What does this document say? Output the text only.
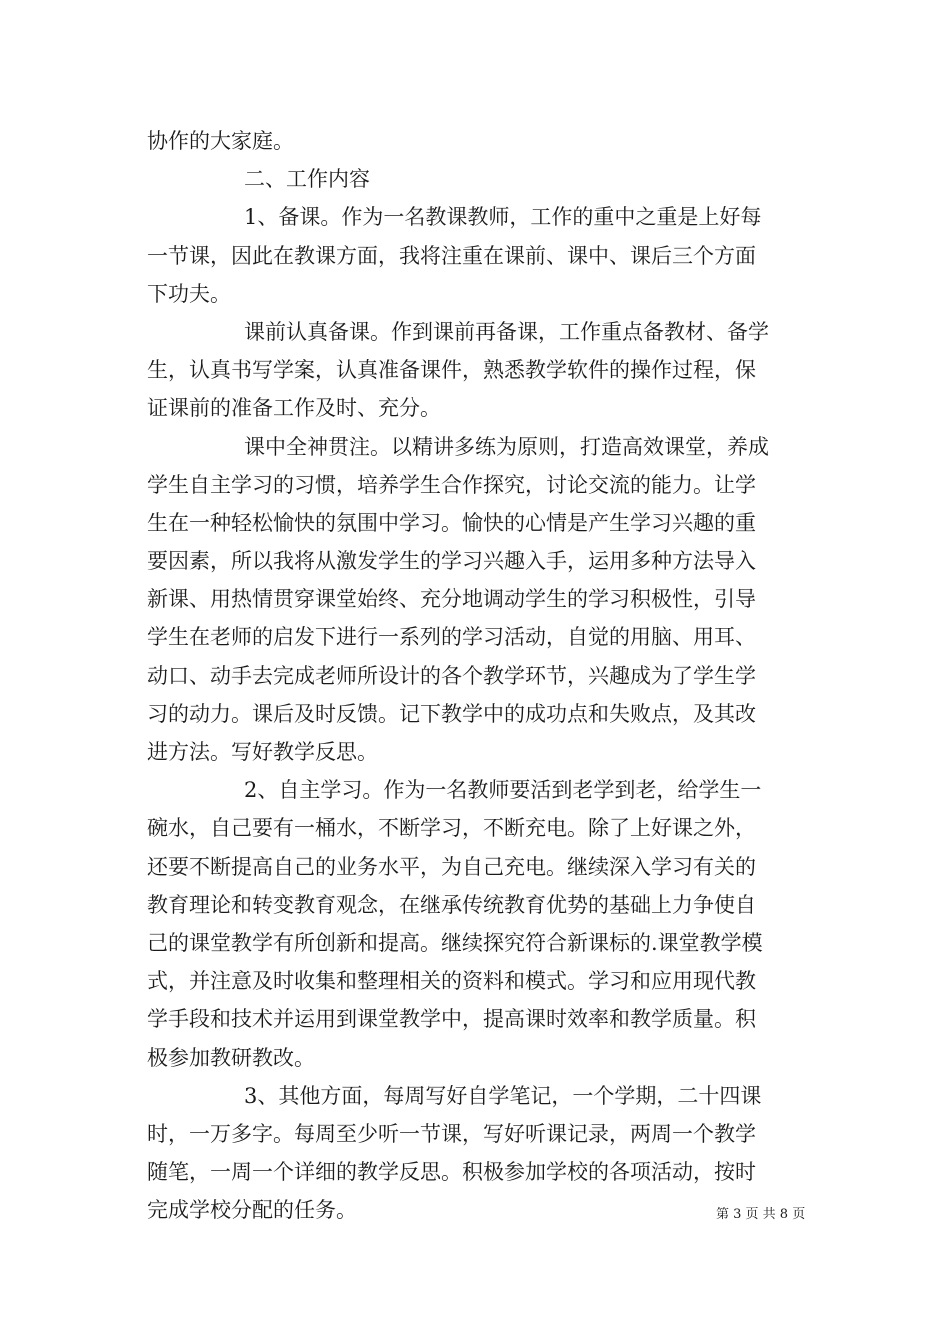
协作的大家庭。
二、工作内容
1、备课。作为一名教课教师，工作的重中之重是上好每
一节课，因此在教课方面，我将注重在课前、课中、课后三个方面
下功夫。
课前认真备课。作到课前再备课，工作重点备教材、备学
生，认真书写学案，认真准备课件，熟悉教学软件的操作过程，保
证课前的准备工作及时、充分。
课中全神贯注。以精讲多练为原则，打造高效课堂，养成
学生自主学习的习惯，培养学生合作探究，讨论交流的能力。让学
生在一种轻松愉快的氛围中学习。愉快的心情是产生学习兴趣的重
要因素，所以我将从激发学生的学习兴趣入手，运用多种方法导入
新课、用热情贯穿课堂始终、充分地调动学生的学习积极性，引导
学生在老师的启发下进行一系列的学习活动，自觉的用脑、用耳、
动口、动手去完成老师所设计的各个教学环节，兴趣成为了学生学
习的动力。课后及时反馈。记下教学中的成功点和失败点，及其改
进方法。写好教学反思。
2、自主学习。作为一名教师要活到老学到老，给学生一
碗水，自己要有一桶水，不断学习，不断充电。除了上好课之外，
还要不断提高自己的业务水平，为自己充电。继续深入学习有关的
教育理论和转变教育观念，在继承传统教育优势的基础上力争使自
己的课堂教学有所创新和提高。继续探究符合新课标的.课堂教学模
式，并注意及时收集和整理相关的资料和模式。学习和应用现代教
学手段和技术并运用到课堂教学中，提高课时效率和教学质量。积
极参加教研教改。
3、其他方面，每周写好自学笔记，一个学期，二十四课
时，一万多字。每周至少听一节课，写好听课记录，两周一个教学
随笔，一周一个详细的教学反思。积极参加学校的各项活动，按时
完成学校分配的任务。	第 3 页 共 8 页
